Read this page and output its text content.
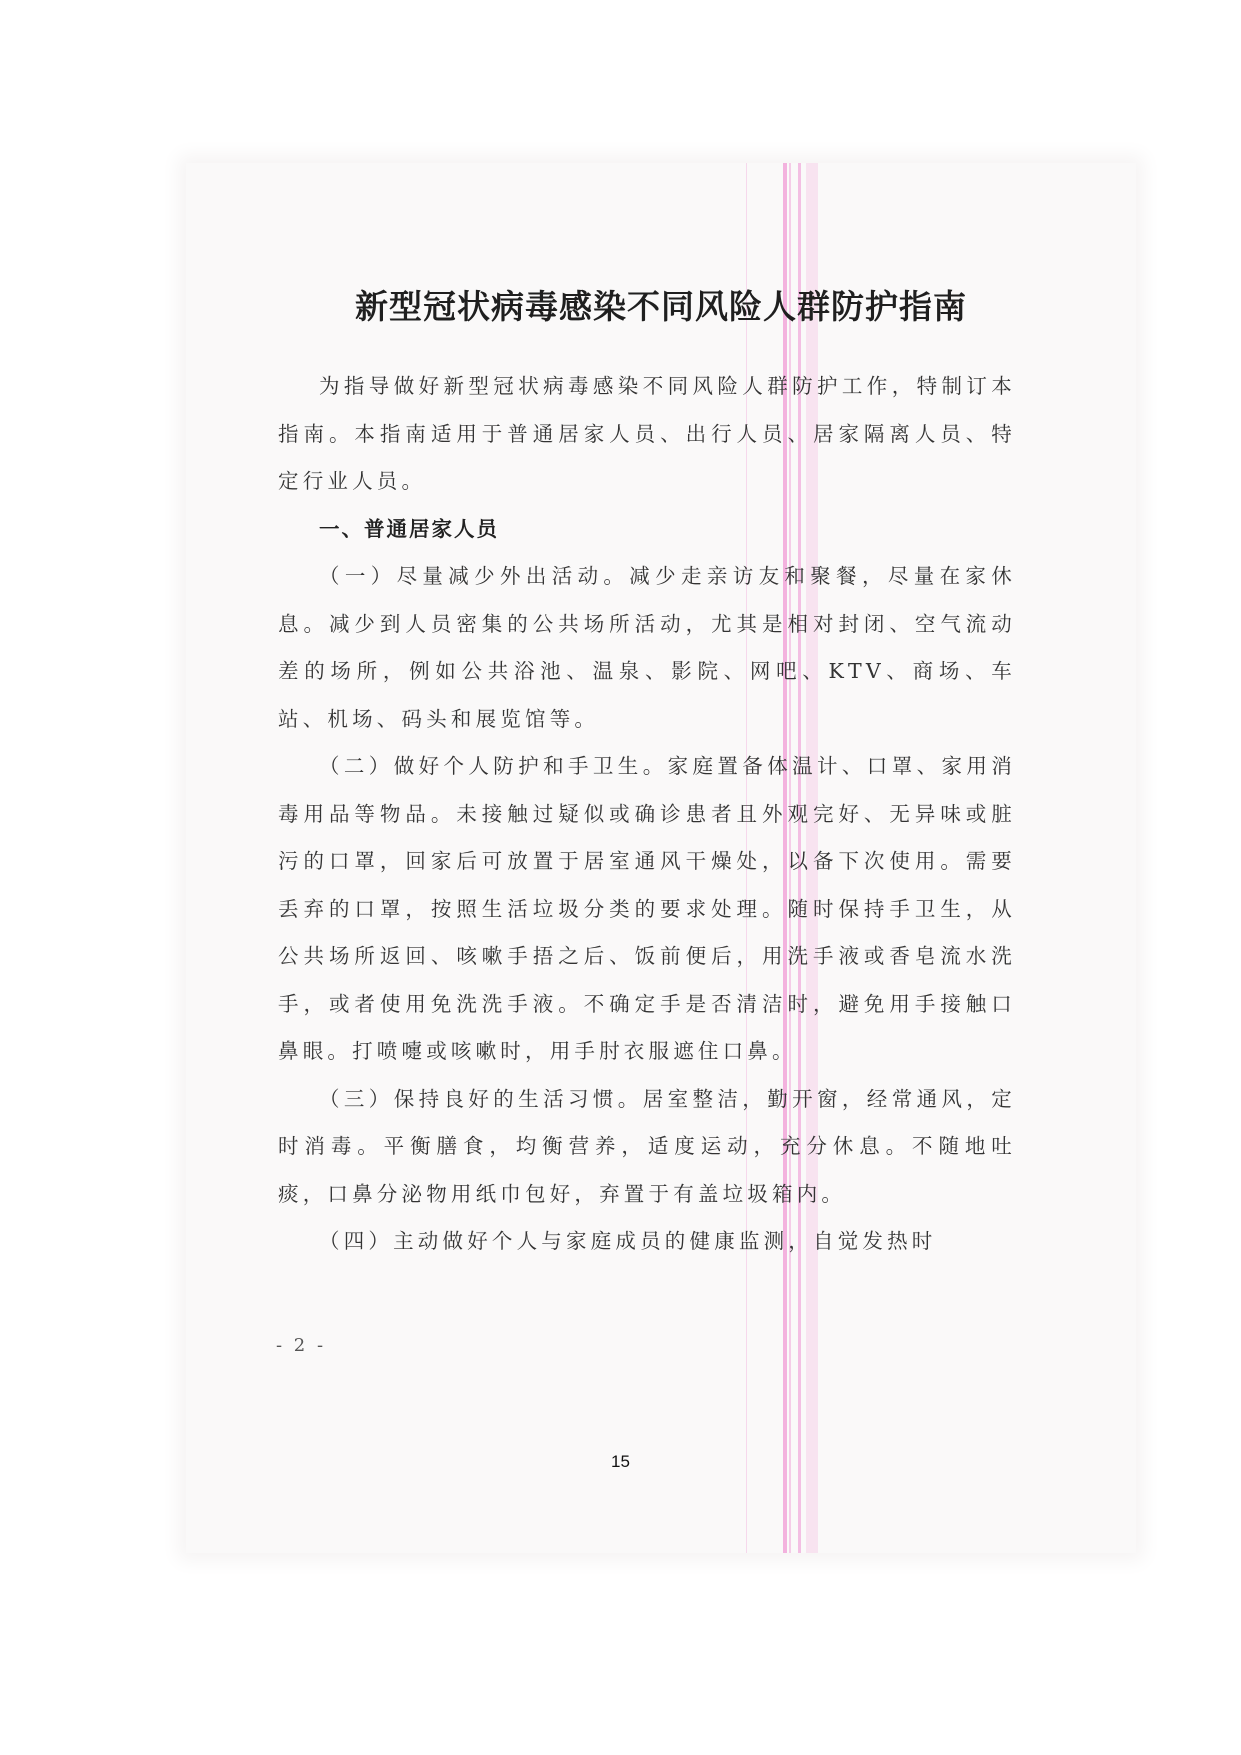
新型冠状病毒感染不同风险人群防护指南

为指导做好新型冠状病毒感染不同风险人群防护工作，特制订本指南。本指南适用于普通居家人员、出行人员、居家隔离人员、特定行业人员。

一、普通居家人员

（一）尽量减少外出活动。减少走亲访友和聚餐，尽量在家休息。减少到人员密集的公共场所活动，尤其是相对封闭、空气流动差的场所，例如公共浴池、温泉、影院、网吧、KTV、商场、车站、机场、码头和展览馆等。

（二）做好个人防护和手卫生。家庭置备体温计、口罩、家用消毒用品等物品。未接触过疑似或确诊患者且外观完好、无异味或脏污的口罩，回家后可放置于居室通风干燥处，以备下次使用。需要丢弃的口罩，按照生活垃圾分类的要求处理。随时保持手卫生，从公共场所返回、咳嗽手捂之后、饭前便后，用洗手液或香皂流水洗手，或者使用免洗洗手液。不确定手是否清洁时，避免用手接触口鼻眼。打喷嚏或咳嗽时，用手肘衣服遮住口鼻。

（三）保持良好的生活习惯。居室整洁，勤开窗，经常通风，定时消毒。平衡膳食，均衡营养，适度运动，充分休息。不随地吐痰，口鼻分泌物用纸巾包好，弃置于有盖垃圾箱内。

（四）主动做好个人与家庭成员的健康监测，自觉发热时

- 2 -
15
